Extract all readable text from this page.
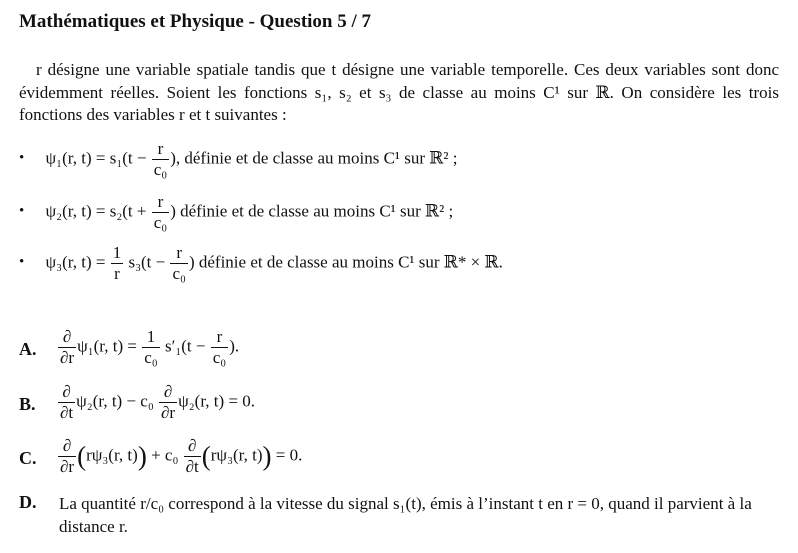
Mathématiques et Physique - Question 5 / 7
r désigne une variable spatiale tandis que t désigne une variable temporelle. Ces deux variables sont donc évidemment réelles. Soient les fonctions s₁, s₂ et s₃ de classe au moins C¹ sur ℝ. On considère les trois fonctions des variables r et t suivantes :
• ψ₁(r, $t) = s_1(t - \frac{r}{\text{c₀}}$ ), définie et de classe au moins C¹ sur ℝ² ;
• ψ₂(r, $t) = s_2(t + \frac{r}{\text{c₀}}$ ) définie et de classe au moins C¹ sur ℝ² ;
• ψ₃(r, $t) = \frac{1}{r} s_3(t - \frac{r}{\text{c₀}}$ ) définie et de classe au moins C¹ sur ℝ* × ℝ.
A. $\frac{\partial}{\partial r} \psi_1(r$, $t) = \frac{1}{\text{c₀}} s'_1(t - \frac{r}{\text{c₀}}$ ).
B. $\frac{\partial}{\partial t} \psi_2(r$, $t) - c_0 \frac{\partial}{\partial r} \psi_2(r$, t) = 0.
C. $\frac{\partial}{\partial r} (r\psi_3(r$, $t)) + c_0 \frac{\partial}{\partial t} (r\psi_3(r$, t)) = 0.
D. La quantité r/c₀ correspond à la vitesse du signal s₁(t), émis à l’instant t en r = 0, quand il parvient à la distance r.
